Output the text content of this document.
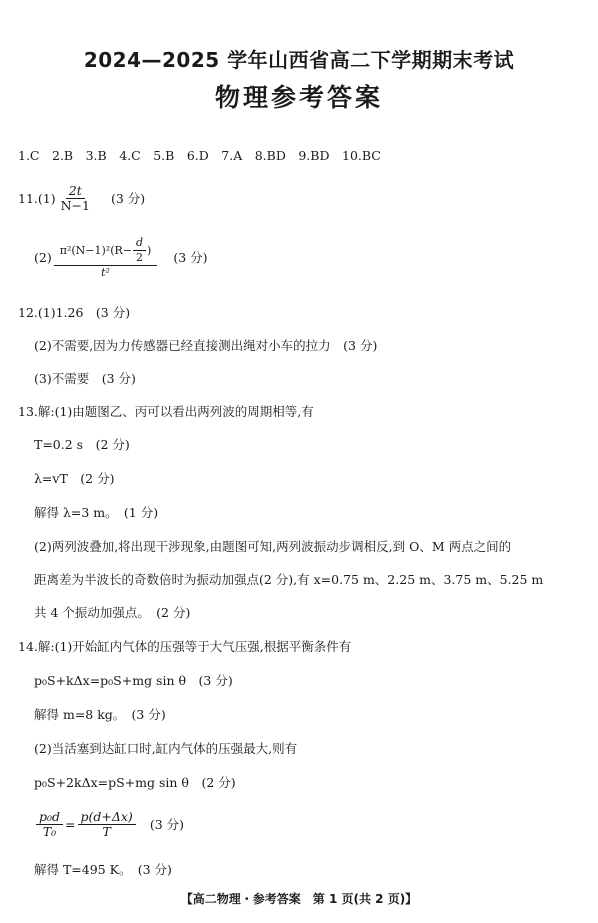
2024—2025 学年山西省高二下学期期末考试
物理参考答案
1.C　2.B　3.B　4.C　5.B　6.D　7.A　8.BD　9.BD　10.BC
$11.(1) \frac{2t}{N-1} (3$ 分)
$(2) \frac{\pi^2(N-1)^2(R- \frac{d}{2} )}{\text{t²}} (3$ 分)
12.(1)1.26　(3 分)
(2)不需要,因为力传感器已经直接测出绳对小车的拉力　(3 分)
(3)不需要　(3 分)
13.解:(1)由题图乙、丙可以看出两列波的周期相等,有
T=0.2 s　(2 分)
λ=vT　(2 分)
解得 λ=3 m。　(1 分)
(2)两列波叠加,将出现干涉现象,由题图可知,两列波振动步调相反,到 O、M 两点之间的
距离差为半波长的奇数倍时为振动加强点(2 分),有 x=0.75 m、2.25 m、3.75 m、5.25 m
共 4 个振动加强点。　(2 分)
14.解:(1)开始缸内气体的压强等于大气压强,根据平衡条件有
p₀S+kΔx=p₀S+mg sin θ　(3 分)
解得 m=8 kg。　(3 分)
(2)当活塞到达缸口时,缸内气体的压强最大,则有
p₀S+2kΔx=pS+mg sin θ　(2 分)
$\frac{\text{p₀d}}{\text{T₀}} = \frac{p(d+\Delta x)}{T} (3$ 分)
解得 T=495 K。　(3 分)
【高二物理・参考答案　第 1 页(共 2 页)】
